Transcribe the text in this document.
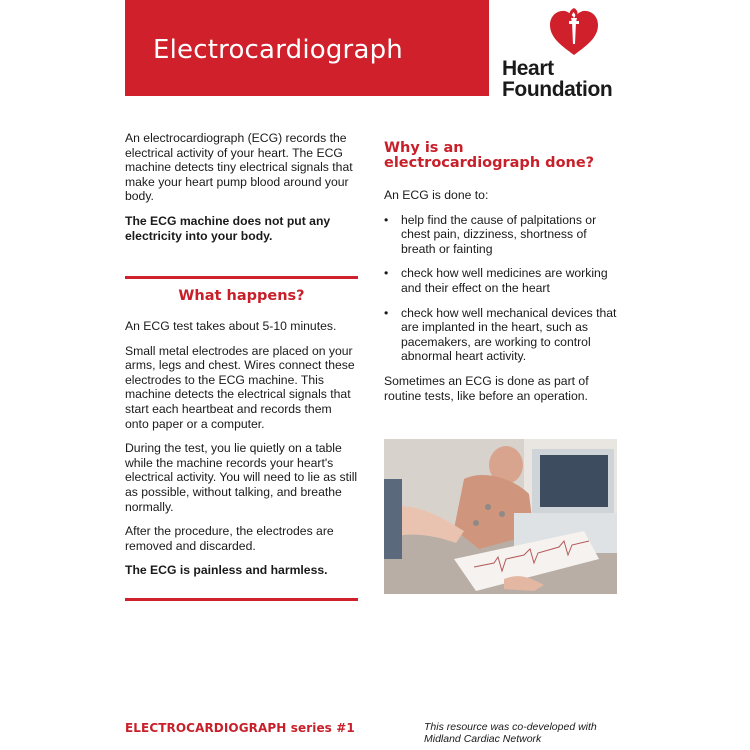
Electrocardiograph
Heart
Foundation

An electrocardiograph (ECG) records the electrical activity of your heart. The ECG machine detects tiny electrical signals that make your heart pump blood around your body.

The ECG machine does not put any electricity into your body.

What happens?

An ECG test takes about 5-10 minutes.

Small metal electrodes are placed on your arms, legs and chest. Wires connect these electrodes to the ECG machine. This machine detects the electrical signals that start each heartbeat and records them onto paper or a computer.

During the test, you lie quietly on a table while the machine records your heart's electrical activity. You will need to lie as still as possible, without talking, and breathe normally.

After the procedure, the electrodes are removed and discarded.

The ECG is painless and harmless.

Why is an electrocardiograph done?

An ECG is done to:

• help find the cause of palpitations or chest pain, dizziness, shortness of breath or fainting
• check how well medicines are working and their effect on the heart
• check how well mechanical devices that are implanted in the heart, such as pacemakers, are working to control abnormal heart activity.

Sometimes an ECG is done as part of routine tests, like before an operation.

ELECTROCARDIOGRAPH series #1	This resource was co-developed with
Midland Cardiac Network
